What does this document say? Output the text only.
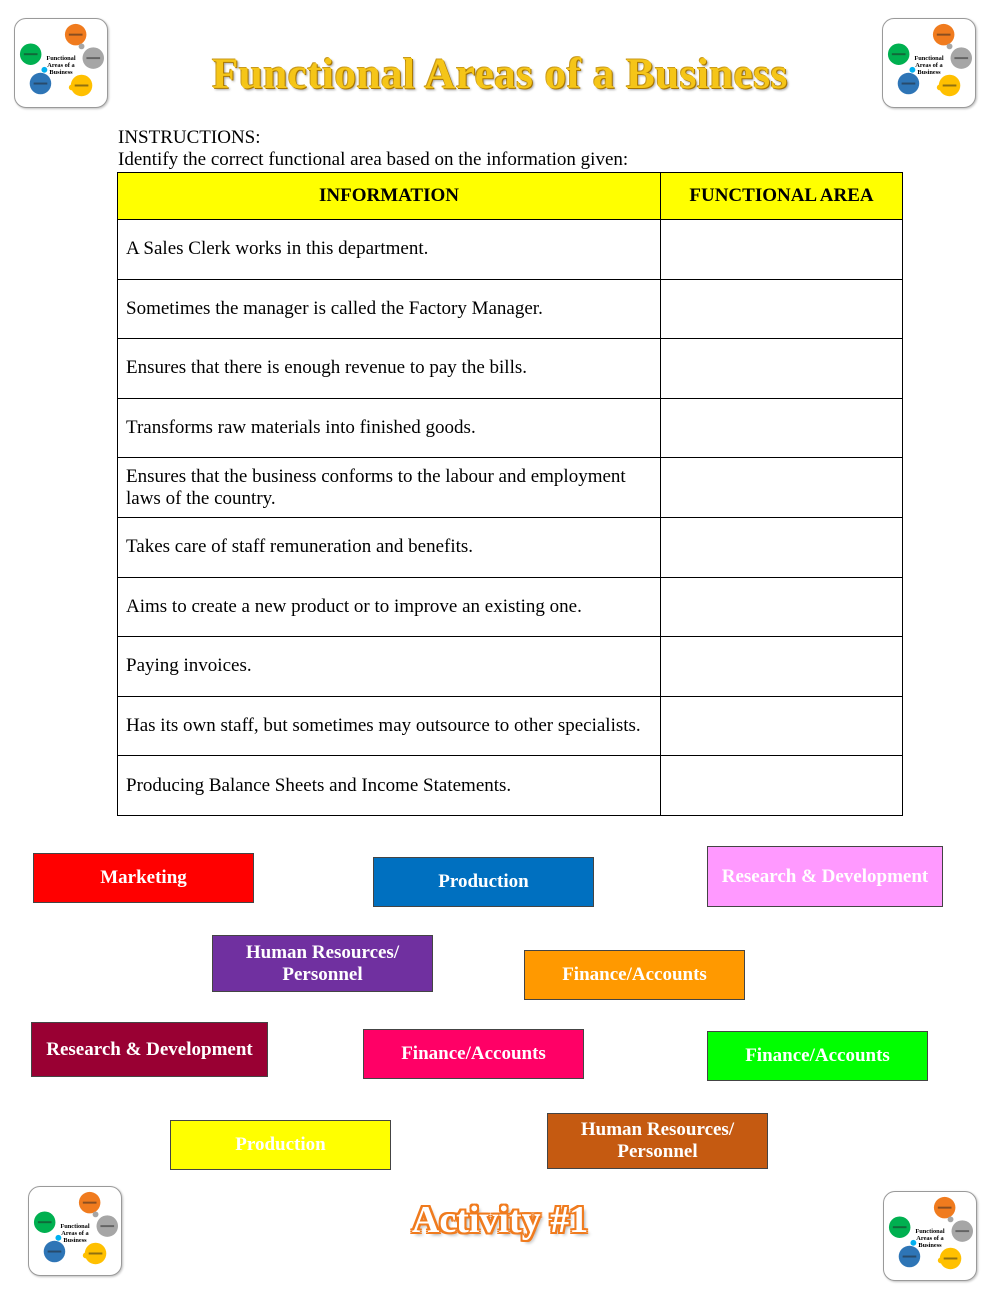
Functional
Areas of a
Business
Functional
Areas of a
Business
Functional
Areas of a
Business
Functional
Areas of a
Business
Functional Areas of a Business
INSTRUCTIONS:
Identify the correct functional area based on the information given:
INFORMATION	FUNCTIONAL AREA
A Sales Clerk works in this department.	
Sometimes the manager is called the Factory Manager.	
Ensures that there is enough revenue to pay the bills.	
Transforms raw materials into finished goods.	
Ensures that the business conforms to the labour and employment laws of the country.	
Takes care of staff remuneration and benefits.	
Aims to create a new product or to improve an existing one.	
Paying invoices.	
Has its own staff, but sometimes may outsource to other specialists.	
Producing Balance Sheets and Income Statements.	
Marketing	Production	Research & Development
Human Resources/ Personnel	Finance/Accounts
Research & Development	Finance/Accounts	Finance/Accounts
Production
Human Resources/ Personnel
Activity #1
